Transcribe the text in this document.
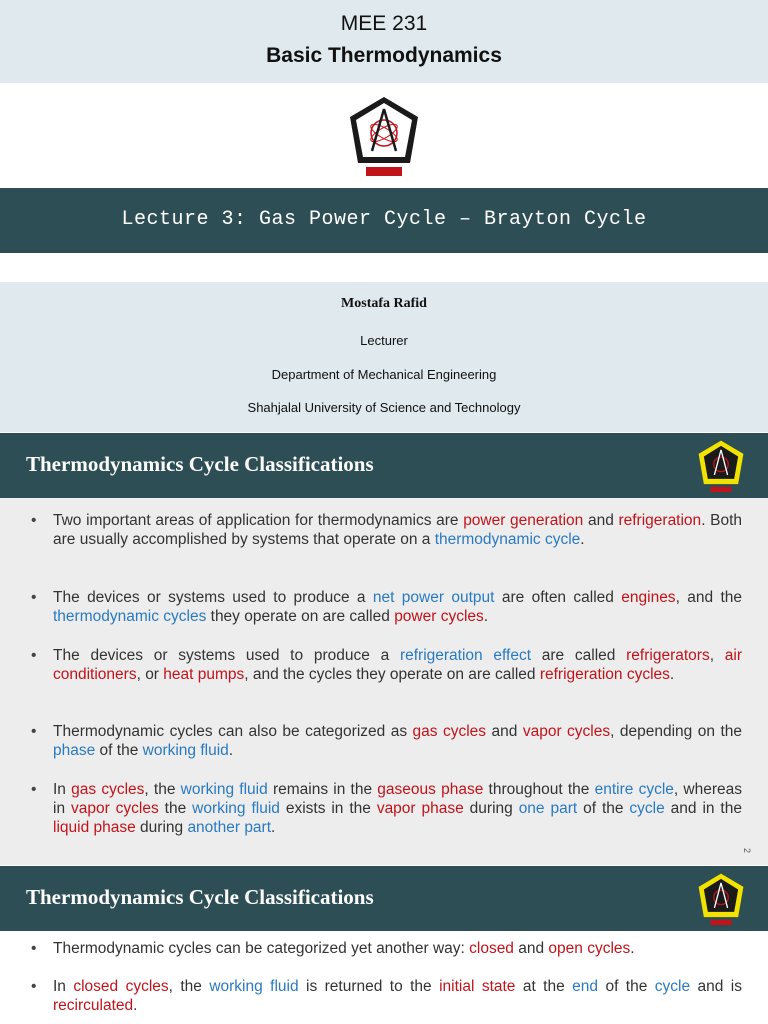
MEE 231
Basic Thermodynamics
Lecture 3: Gas Power Cycle – Brayton Cycle
Mostafa Rafid
Lecturer
Department of Mechanical Engineering
Shahjalal University of Science and Technology
Thermodynamics Cycle Classifications
• Two important areas of application for thermodynamics are power generation and refrigeration. Both are usually accomplished by systems that operate on a thermodynamic cycle.
• The devices or systems used to produce a net power output are often called engines, and the thermodynamic cycles they operate on are called power cycles.
• The devices or systems used to produce a refrigeration effect are called refrigerators, air conditioners, or heat pumps, and the cycles they operate on are called refrigeration cycles.
• Thermodynamic cycles can also be categorized as gas cycles and vapor cycles, depending on the phase of the working fluid.
• In gas cycles, the working fluid remains in the gaseous phase throughout the entire cycle, whereas in vapor cycles the working fluid exists in the vapor phase during one part of the cycle and in the liquid phase during another part.
2
Thermodynamics Cycle Classifications
• Thermodynamic cycles can be categorized yet another way: closed and open cycles.
• In closed cycles, the working fluid is returned to the initial state at the end of the cycle and is recirculated.
